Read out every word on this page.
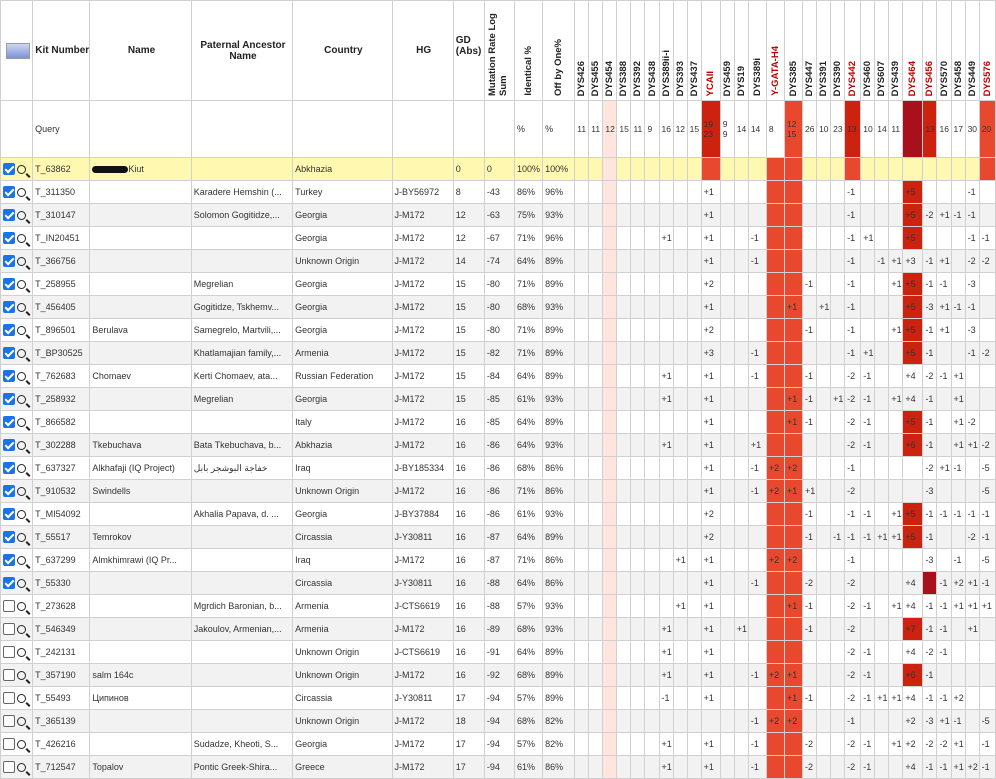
	Kit Number	Name	Paternal Ancestor Name	Country	HG	GD (Abs)	Mutation Rate Log Sum	Identical %	Off by One%	DYS426	DYS455	DYS454	DYS388	DYS392	DYS438	DYS389ii-i	DYS393	DYS437	YCAII	DYS459	DYS19	DYS389i	Y-GATA-H4	DYS385	DYS447	DYS391	DYS390	DYS442	DYS460	DYS607	DYS439	DYS464	DYS456	DYS570	DYS458	DYS449	DYS576

	Query							%	%	11	11	12	15	11	9	16	12	15	19 23	9 9	14	14	8	12 15	26	10	23	13	10	14	11		13	16	17	30	20
	T_63862	Kiut		Abkhazia		0	0	100%	100%																												
	T_311350		Karadere Hemshin (...	Turkey	J-BY56972	8	-43	86%	96%										+1									-1				+5				-1	
	T_310147		Solomon Gogitidze,...	Georgia	J-M172	12	-63	75%	93%										+1									-1				+5	-2	+1	-1	-1	
	T_IN20451			Georgia	J-M172	12	-67	71%	96%							+1			+1			-1						-1	+1			+5				-1	-1
	T_366756			Unknown Origin	J-M172	14	-74	64%	89%										+1			-1						-1		-1	+1	+3	-1	+1		-2	-2
	T_258955		Megrelian	Georgia	J-M172	15	-80	71%	89%										+2						-1			-1			+1	+5	-1	-1		-3	
	T_456405		Gogitidze, Tskhemv...	Georgia	J-M172	15	-80	68%	93%										+1					+1		+1		-1				+5	-3	+1	-1	-1	
	T_896501	Berulava	Samegrelo, Martvili,...	Georgia	J-M172	15	-80	71%	89%										+2						-1			-1			+1	+5	-1	+1		-3	
	T_BP30525		Khatlamajian family,...	Armenia	J-M172	15	-82	71%	89%										+3			-1						-1	+1			+5	-1			-1	-2
	T_762683	Chomaev	Kerti Chomaev, ata...	Russian Federation	J-M172	15	-84	64%	89%							+1			+1			-1			-1			-2	-1			+4	-2	-1	+1		
	T_258932		Megrelian	Georgia	J-M172	15	-85	61%	93%							+1			+1					+1	-1		+1	-2	-1		+1	+4	-1		+1		
	T_866582			Italy	J-M172	16	-85	64%	89%										+1					+1	-1			-2	-1			+5	-1		+1	-2	
	T_302288	Tkebuchava	Bata Tkebuchava, b...	Abkhazia	J-M172	16	-86	64%	93%							+1			+1			+1						-2	-1			+6	-1		+1	+1	-2
	T_637327	Alkhafaji (IQ Project)	خفاجة البوشجر بابل	Iraq	J-BY185334	16	-86	68%	86%										+1			-1	+2	+2				-1					-2	+1	-1		-5
	T_910532	Swindells		Unknown Origin	J-M172	16	-86	71%	86%										+1			-1	+2	+1	+1			-2					-3				-5
	T_MI54092		Akhalia Papava, d. ...	Georgia	J-BY37884	16	-86	61%	93%										+2						-1			-1	-1		+1	+5	-1	-1	-1	-1	-1
	T_55517	Temrokov		Circassia	J-Y30811	16	-87	64%	89%										+2						-1		-1	-1	-1	+1	+1	+5	-1			-2	-1
	T_637299	Almkhimrawi (IQ Pr...		Iraq	J-M172	16	-87	71%	86%								+1		+1				+2	+2				-1					-3		-1		-5
	T_55330			Circassia	J-Y30811	16	-88	64%	86%										+1			-1			-2			-2				+4		-1	+2	+1	-1
	T_273628		Mgrdich Baronian, b...	Armenia	J-CTS6619	16	-88	57%	93%								+1		+1					+1	-1			-2	-1		+1	+4	-1	-1	+1	+1	+1
	T_546349		Jakoulov, Armenian,...	Armenia	J-M172	16	-89	68%	93%							+1			+1		+1				-1			-2				+7	-1	-1		+1	
	T_242131			Unknown Origin	J-CTS6619	16	-91	64%	89%							+1			+1									-2	-1			+4	-2	-1			
	T_357190	salm 164c		Unknown Origin	J-M172	16	-92	68%	89%							+1			+1			-1	+2	+1				-2	-1			+6	-1				
	T_55493	Ципинов		Circassia	J-Y30811	17	-94	57%	89%							-1			+1					+1	-1			-2	-1	+1	+1	+4	-1	-1	+2		
	T_365139			Unknown Origin	J-M172	18	-94	68%	82%													-1	+2	+2				-1				+2	-3	+1	-1		-5
	T_426216		Sudadze, Kheoti, S...	Georgia	J-M172	17	-94	57%	82%							+1			+1			-1			-2			-2	-1		+1	+2	-2	-2	+1		-1
	T_712547	Topalov	Pontic Greek-Shira...	Greece	J-M172	17	-94	61%	86%							+1			+1			-1			-2			-2	-1			+4	-1	-1	+1	+2	-1
